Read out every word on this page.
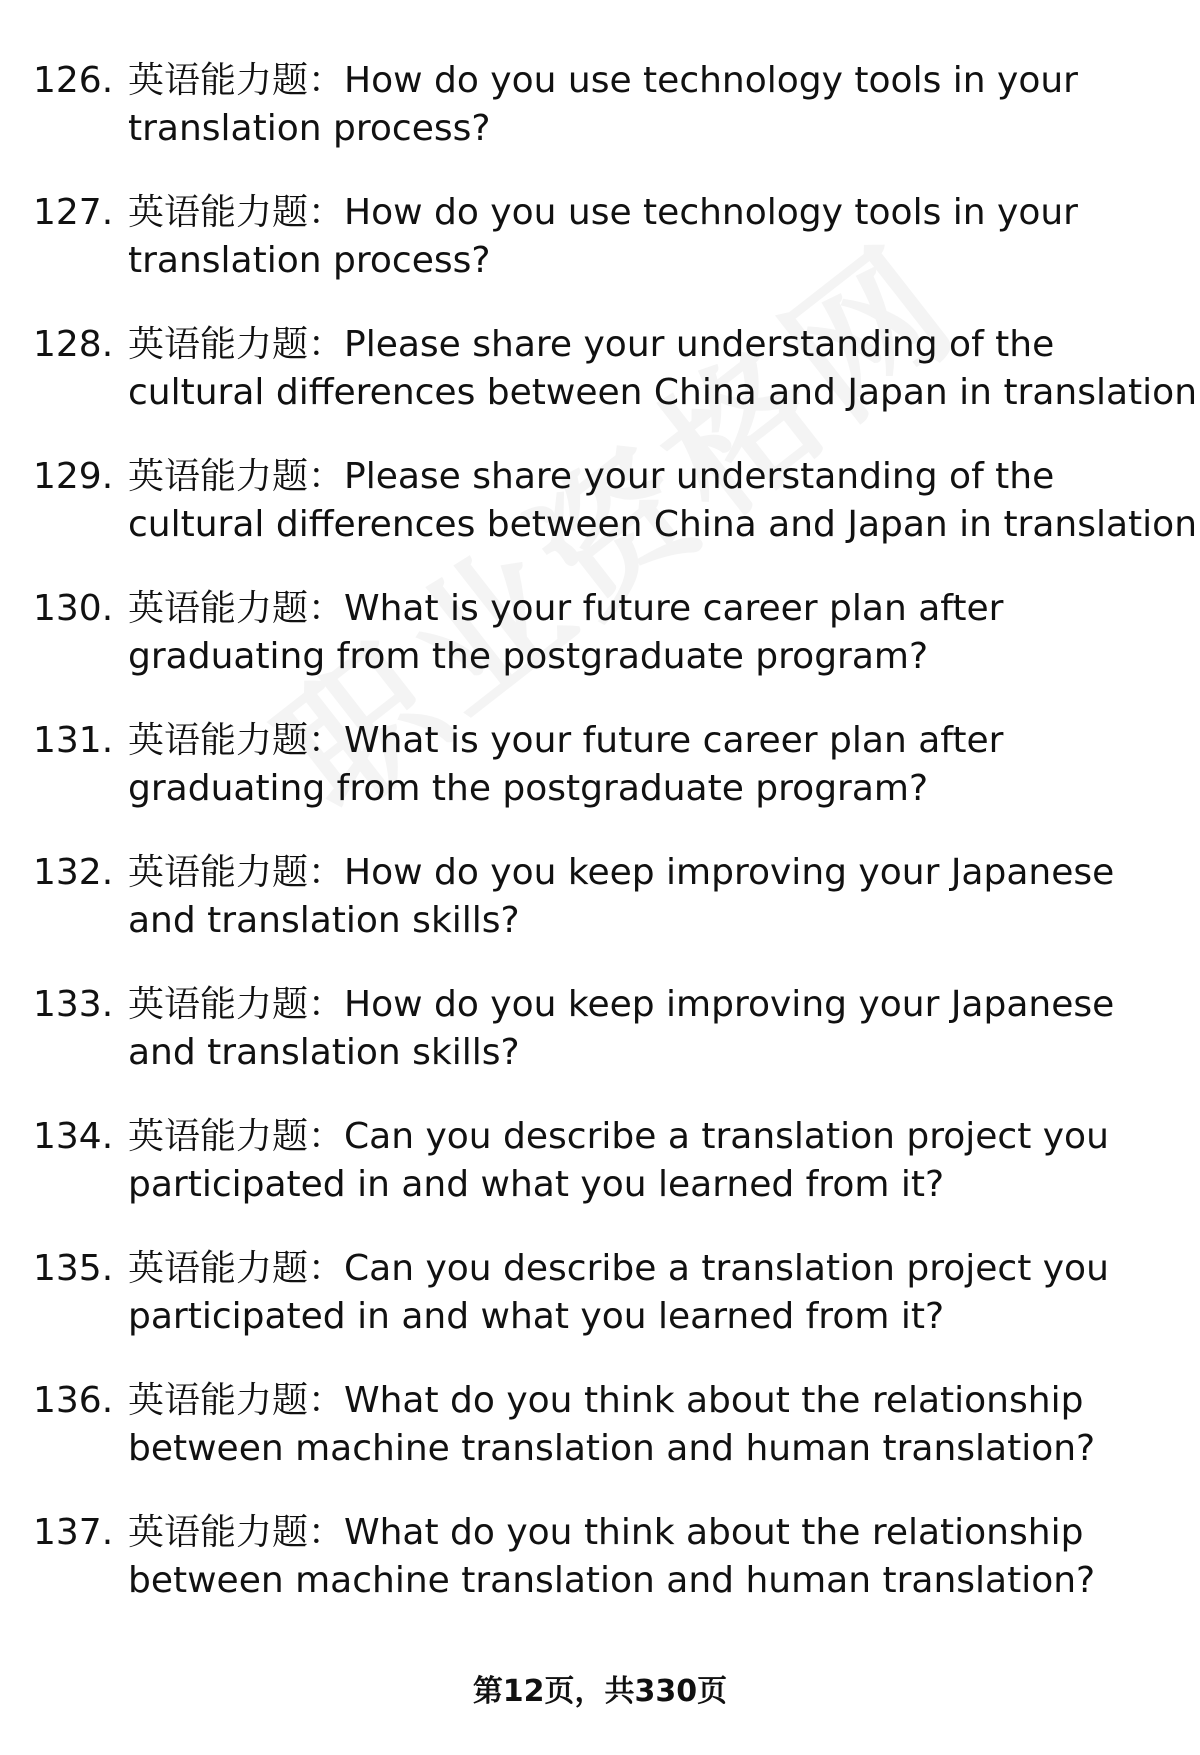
126. 英语能力题：How do you use technology tools in your
translation process?
127. 英语能力题：How do you use technology tools in your
translation process?
128. 英语能力题：Please share your understanding of the
cultural differences between China and Japan in translation
129. 英语能力题：Please share your understanding of the
cultural differences between China and Japan in translation
130. 英语能力题：What is your future career plan after
graduating from the postgraduate program?
131. 英语能力题：What is your future career plan after
graduating from the postgraduate program?
132. 英语能力题：How do you keep improving your Japanese
and translation skills?
133. 英语能力题：How do you keep improving your Japanese
and translation skills?
134. 英语能力题：Can you describe a translation project you
participated in and what you learned from it?
135. 英语能力题：Can you describe a translation project you
participated in and what you learned from it?
136. 英语能力题：What do you think about the relationship
between machine translation and human translation?
137. 英语能力题：What do you think about the relationship
between machine translation and human translation?
第12页，共330页
